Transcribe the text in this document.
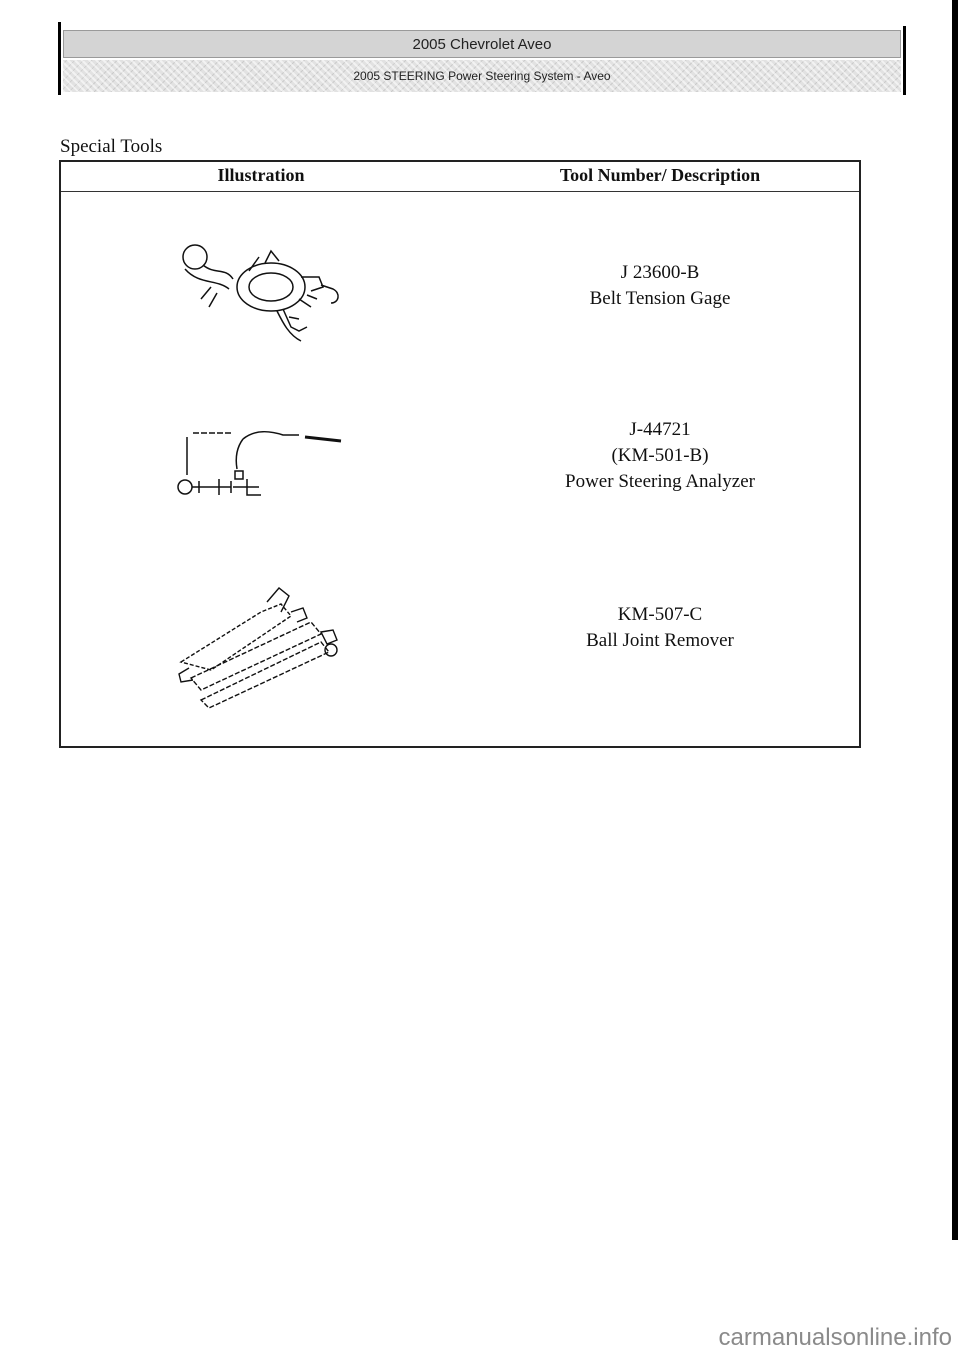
2005 Chevrolet Aveo
2005 STEERING Power Steering System - Aveo
Special Tools
Illustration	Tool Number/ Description
J 23600-B
Belt Tension Gage
J-44721
(KM-501-B)
Power Steering Analyzer
KM-507-C
Ball Joint Remover
carmanualsonline.info
